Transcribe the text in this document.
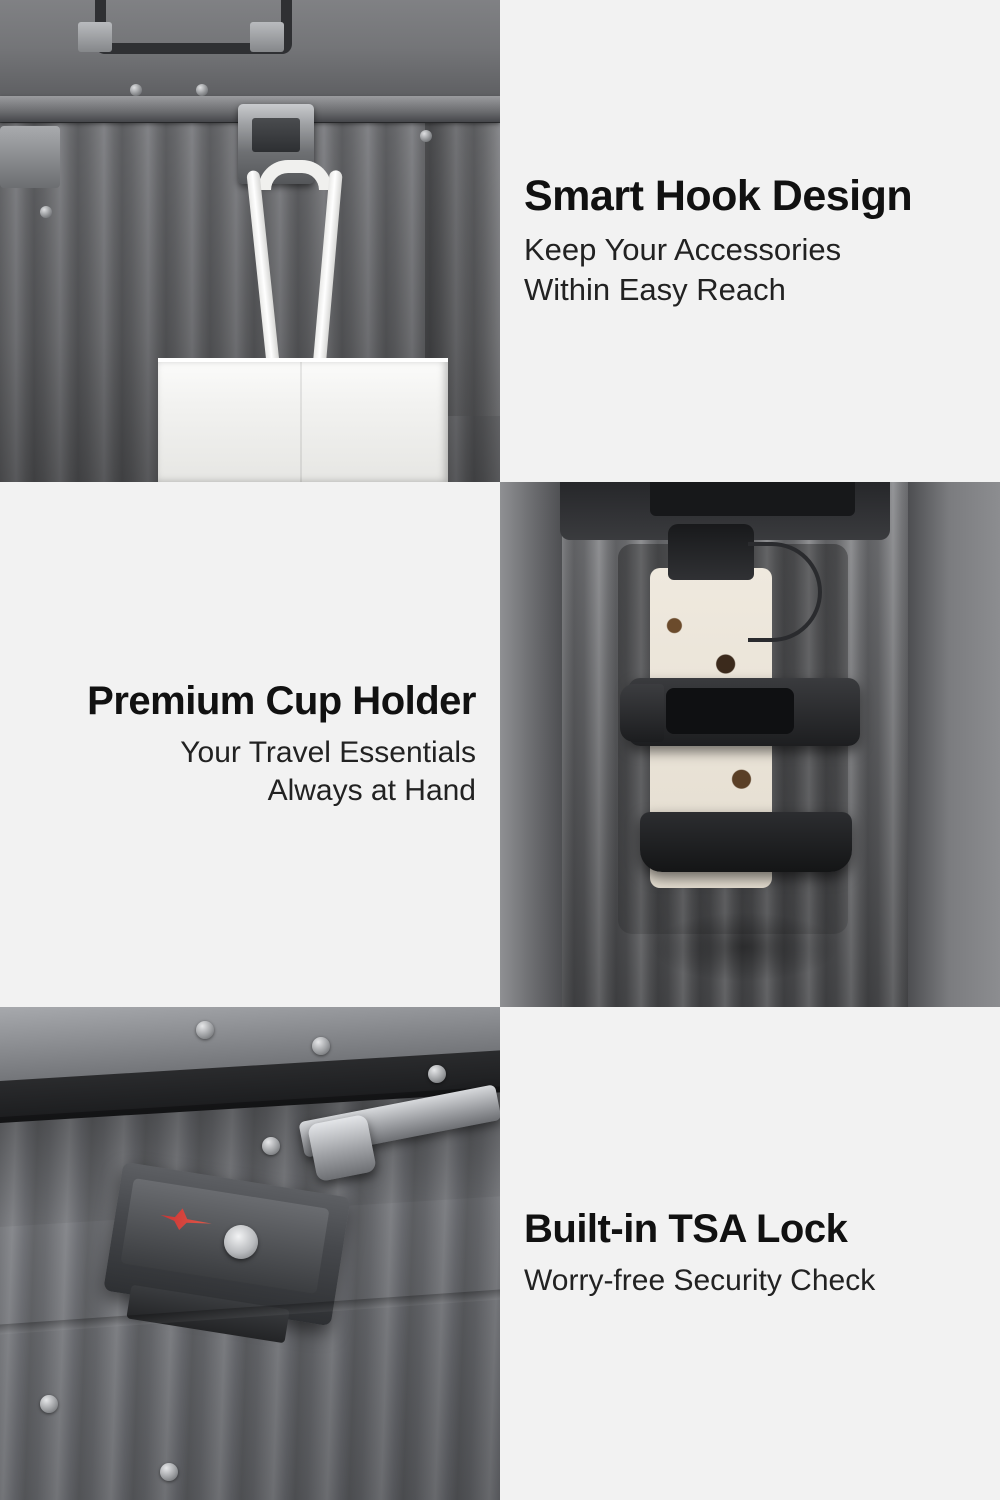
Smart Hook Design

Keep Your Accessories

Within Easy Reach

Premium Cup Holder

Your Travel Essentials

Always at Hand

Built-in TSA Lock

Worry-free Security Check
